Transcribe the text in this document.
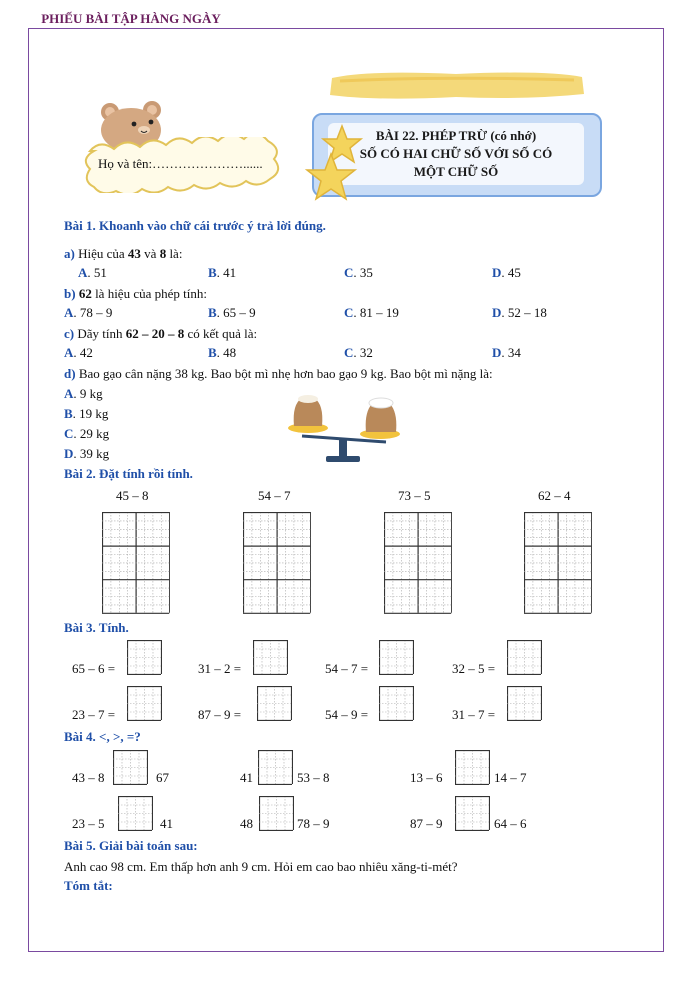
PHIẾU BÀI TẬP HÀNG NGÀY
Họ và tên:…………………......
BÀI 22. PHÉP TRỪ (có nhớ)
SỐ CÓ HAI CHỮ SỐ VỚI SỐ CÓ
MỘT CHỮ SỐ
Bài 1. Khoanh vào chữ cái trước ý trả lời đúng.
a) Hiệu của 43 và 8 là:
A. 51	B. 41	C. 35	D. 45
b) 62 là hiệu của phép tính:
A. 78 – 9	B. 65 – 9	C. 81 – 19	D. 52 – 18
c) Dãy tính 62 – 20 – 8 có kết quả là:
A. 42	B. 48	C. 32	D. 34
d) Bao gạo cân nặng 38 kg. Bao bột mì nhẹ hơn bao gạo 9 kg. Bao bột mì nặng là:
A. 9 kg
B. 19 kg
C. 29 kg
D. 39 kg
Bài 2. Đặt tính rồi tính.
45 – 8	54 – 7	73 – 5	62 – 4
Bài 3. Tính.
65 – 6 =	31 – 2 =	54 – 7 =	32 – 5 =
23 – 7 =	87 – 9 =	54 – 9 =	31 – 7 =
Bài 4. <, >, =?
43 – 8	67	41	53 – 8	13 – 6	14 – 7
23 – 5	41	48	78 – 9	87 – 9	64 – 6
Bài 5. Giải bài toán sau:
Anh cao 98 cm. Em thấp hơn anh 9 cm. Hỏi em cao bao nhiêu xăng-ti-mét?
Tóm tắt:
